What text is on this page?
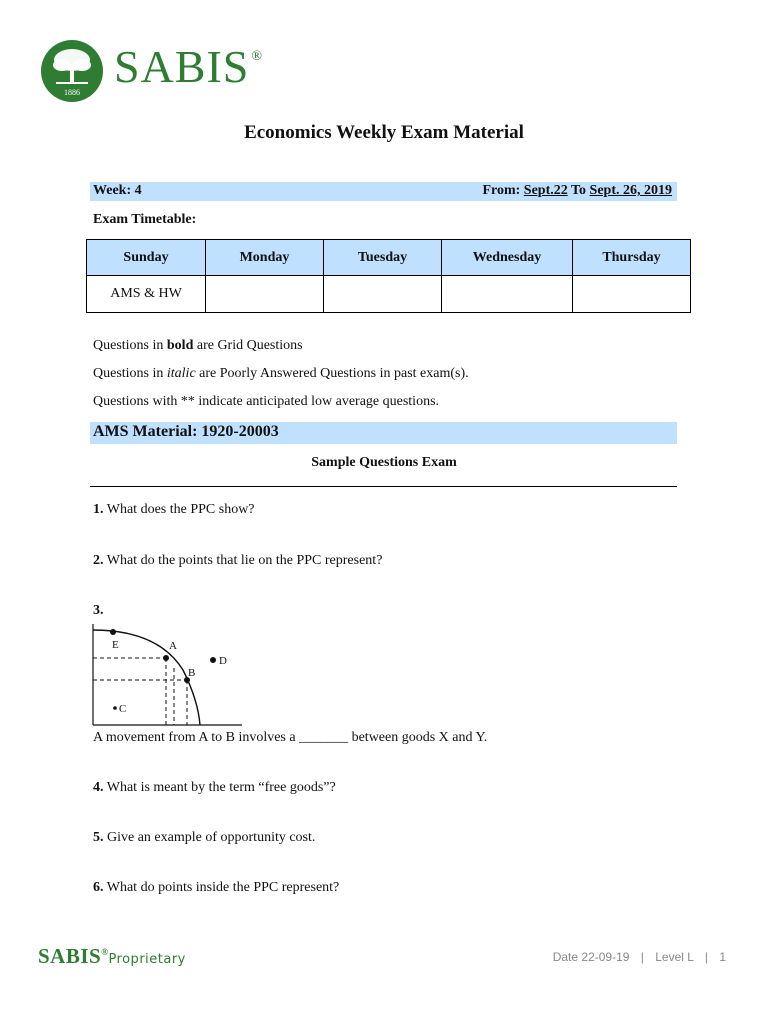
1886
SABIS ®
Economics Weekly Exam Material
Week: 4	From: Sept.22 To Sept. 26, 2019
Exam Timetable:
Sunday	Monday	Tuesday	Wednesday	Thursday
AMS & HW				
Questions in bold are Grid Questions
Questions in italic are Poorly Answered Questions in past exam(s).
Questions with ** indicate anticipated low average questions.
AMS Material: 1920-20003
Sample Questions Exam
1. What does the PPC show?
2. What do the points that lie on the PPC represent?
3.
E	A
B
D
C
A movement from A to B involves a _______ between goods X and Y.
4. What is meant by the term “free goods”?
5. Give an example of opportunity cost.
6. What do points inside the PPC represent?
SABIS®Proprietary	Date 22-09-19 | Level L | 1
